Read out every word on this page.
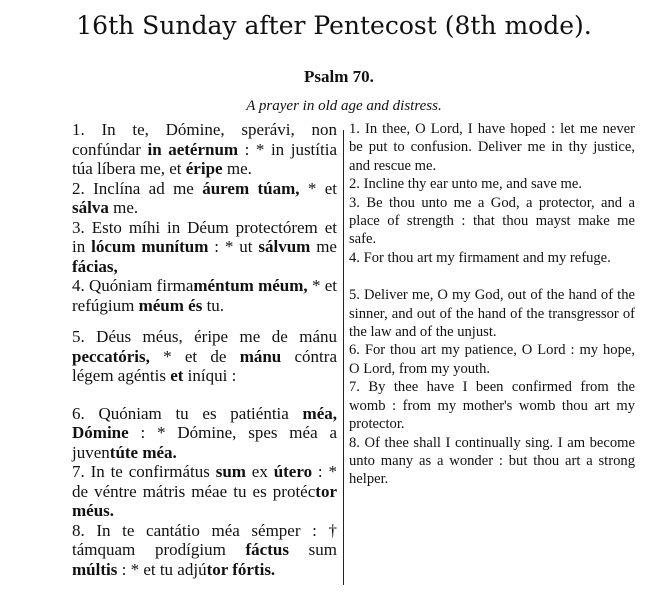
16th Sunday after Pentecost (8th mode).
Psalm 70.
A prayer in old age and distress.

1. In te, Dómine, sperávi, non confúndar in aetérnum : * in justítia túa líbera me, et éripe me.

2. Inclína ad me áurem túam, * et sálva me.

3. Esto míhi in Déum protectórem et in lócum munítum : * ut sálvum me fácias,

4. Quóniam firmaméntum méum, * et refúgium méum és tu.

5. Déus méus, éripe me de mánu peccatóris, * et de mánu cóntra légem agéntis et iníqui :

6. Quóniam tu es patiéntia méa, Dómine : * Dómine, spes méa a juventúte méa.

7. In te confirmátus sum ex útero : * de véntre mátris méae tu es protéctor méus.

8. In te cantátio méa sémper : † támquam prodígium fáctus sum múltis : * et tu adjútor fórtis.

1. In thee, O Lord, I have hoped : let me never be put to confusion. Deliver me in thy justice, and rescue me.

2. Incline thy ear unto me, and save me.

3. Be thou unto me a God, a protector, and a place of strength : that thou mayst make me safe.

4. For thou art my firmament and my refuge.

5. Deliver me, O my God, out of the hand of the sinner, and out of the hand of the transgressor of the law and of the unjust.

6. For thou art my patience, O Lord : my hope, O Lord, from my youth.

7. By thee have I been confirmed from the womb : from my mother's womb thou art my protector.

8. Of thee shall I continually sing. I am become unto many as a wonder : but thou art a strong helper.
